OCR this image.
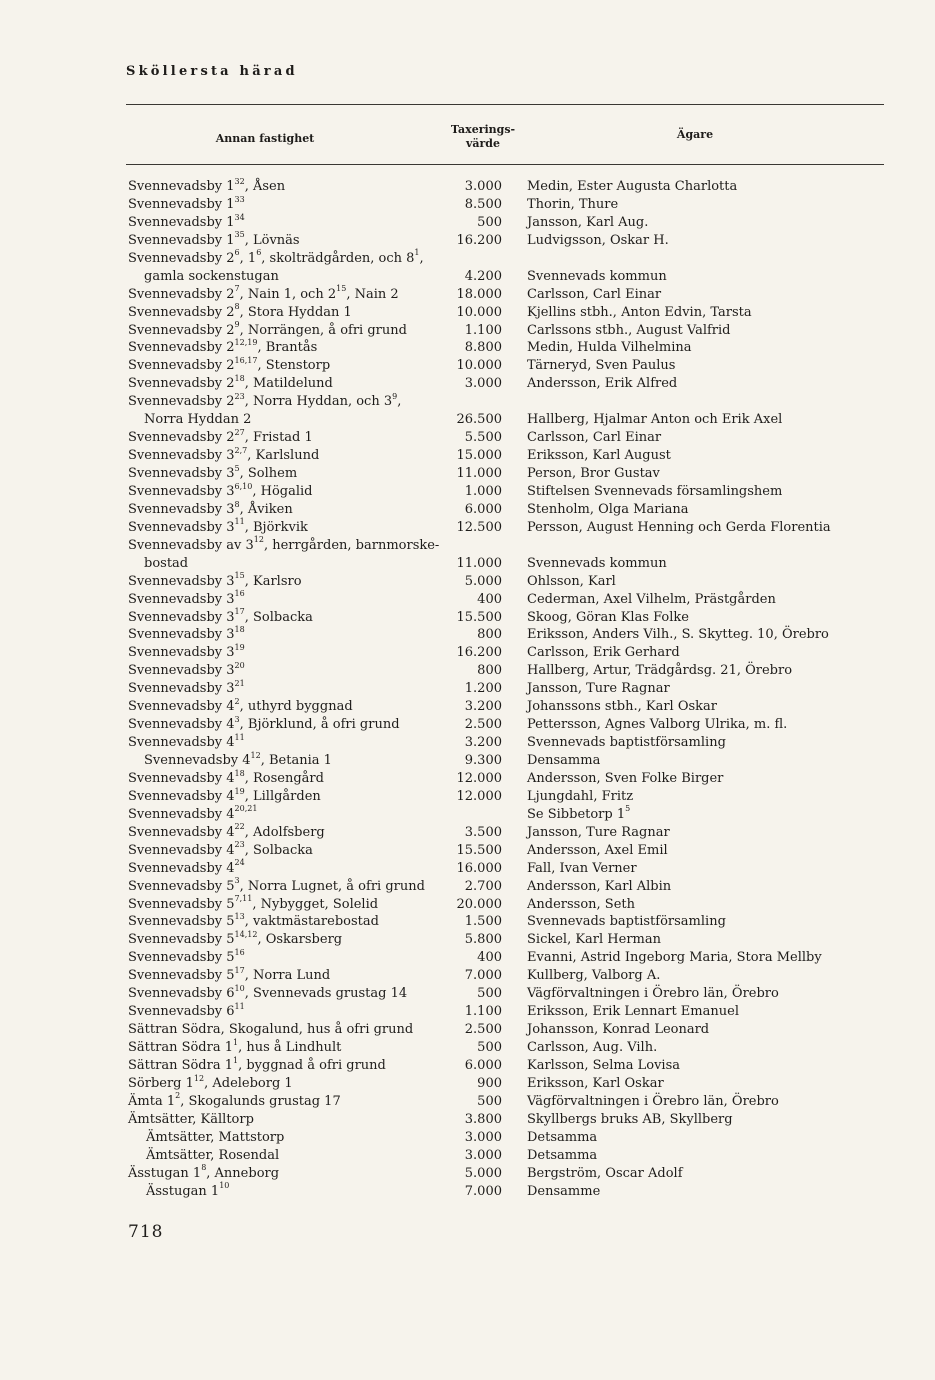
Sköllersta härad
Annan fastighet
Taxerings-
värde
Ägare
Svennevadsby $1^{32}$, Åsen	3.000 Medin, Ester Augusta Charlotta
Svennevadsby $1^{33}$	8.500 Thorin, Thure
Svennevadsby $1^{34}$	500 Jansson, Karl Aug.
Svennevadsby $1^{35}$, Lövnäs	16.200 Ludvigsson, Oskar H.
Svennevadsby $2^6$, $1^6$, skolträdgården, och $8^1$,
gamla sockenstugan	4.200 Svennevads kommun
Svennevadsby $2^7$, Nain 1, och $2^{15}$, Nain 2	18.000 Carlsson, Carl Einar
Svennevadsby $2^8$, Stora Hyddan 1	10.000 Kjellins stbh., Anton Edvin, Tarsta
Svennevadsby $2^9$, Norrängen, å ofri grund	1.100 Carlssons stbh., August Valfrid
Svennevadsby 2$^{12,19}$, Brantås	8.800 Medin, Hulda Vilhelmina
Svennevadsby 2$^{16,17}$, Stenstorp	10.000 Tärneryd, Sven Paulus
Svennevadsby $2^{18}$, Matildelund	3.000 Andersson, Erik Alfred
Svennevadsby $2^{23}$, Norra Hyddan, och $3^9$,
Norra Hyddan 2	26.500 Hallberg, Hjalmar Anton och Erik Axel
Svennevadsby $2^{27}$, Fristad 1	5.500 Carlsson, Carl Einar
Svennevadsby 3$^{2,7}$, Karlslund	15.000 Eriksson, Karl August
Svennevadsby $3^5$, Solhem	11.000 Person, Bror Gustav
Svennevadsby 3$^{6,10}$, Högalid	1.000 Stiftelsen Svennevads församlingshem
Svennevadsby $3^8$, Åviken	6.000 Stenholm, Olga Mariana
Svennevadsby $3^{11}$, Björkvik	12.500 Persson, August Henning och Gerda Florentia
Svennevadsby av $3^{12}$, herrgården, barnmorske-
bostad	11.000 Svennevads kommun
Svennevadsby $3^{15}$, Karlsro	5.000 Ohlsson, Karl
Svennevadsby $3^{16}$	400 Cederman, Axel Vilhelm, Prästgården
Svennevadsby $3^{17}$, Solbacka	15.500 Skoog, Göran Klas Folke
Svennevadsby $3^{18}$	800 Eriksson, Anders Vilh., S. Skytteg. 10, Örebro
Svennevadsby $3^{19}$	16.200 Carlsson, Erik Gerhard
Svennevadsby $3^{20}$	800 Hallberg, Artur, Trädgårdsg. 21, Örebro
Svennevadsby $3^{21}$	1.200 Jansson, Ture Ragnar
Svennevadsby $4^2$, uthyrd byggnad	3.200 Johanssons stbh., Karl Oskar
Svennevadsby $4^3$, Björklund, å ofri grund	2.500 Pettersson, Agnes Valborg Ulrika, m. fl.
Svennevadsby $4^{11}$	3.200 Svennevads baptistförsamling
Svennevadsby $4^{12}$, Betania 1	9.300 Densamma
Svennevadsby $4^{18}$, Rosengård	12.000 Andersson, Sven Folke Birger
Svennevadsby $4^{19}$, Lillgården	12.000 Ljungdahl, Fritz
Svennevadsby 4$^{20,21}$	Se Sibbetorp $1^5$
Svennevadsby $4^{22}$, Adolfsberg	3.500 Jansson, Ture Ragnar
Svennevadsby $4^{23}$, Solbacka	15.500 Andersson, Axel Emil
Svennevadsby $4^{24}$	16.000 Fall, Ivan Verner
Svennevadsby $5^3$, Norra Lugnet, å ofri grund	2.700 Andersson, Karl Albin
Svennevadsby 5$^{7,11}$, Nybygget, Solelid	20.000 Andersson, Seth
Svennevadsby $5^{13}$, vaktmästarebostad	1.500 Svennevads baptistförsamling
Svennevadsby 5$^{14,12}$, Oskarsberg	5.800 Sickel, Karl Herman
Svennevadsby $5^{16}$	400 Evanni, Astrid Ingeborg Maria, Stora Mellby
Svennevadsby $5^{17}$, Norra Lund	7.000 Kullberg, Valborg A.
Svennevadsby $6^{10}$, Svennevads grustag 14	500 Vägförvaltningen i Örebro län, Örebro
Svennevadsby $6^{11}$	1.100 Eriksson, Erik Lennart Emanuel
Sättran Södra, Skogalund, hus å ofri grund	2.500 Johansson, Konrad Leonard
Sättran Södra $1^1$, hus å Lindhult	500 Carlsson, Aug. Vilh.
Sättran Södra $1^1$, byggnad å ofri grund	6.000 Karlsson, Selma Lovisa
Sörberg $1^{12}$, Adeleborg 1	900 Eriksson, Karl Oskar
Ämta $1^2$, Skogalunds grustag 17	500 Vägförvaltningen i Örebro län, Örebro
Ämtsätter, Källtorp	3.800 Skyllbergs bruks AB, Skyllberg
Ämtsätter, Mattstorp	3.000 Detsamma
Ämtsätter, Rosendal	3.000 Detsamma
Ässtugan $1^8$, Anneborg	5.000 Bergström, Oscar Adolf
Ässtugan $1^{10}$	7.000 Densamme
718
